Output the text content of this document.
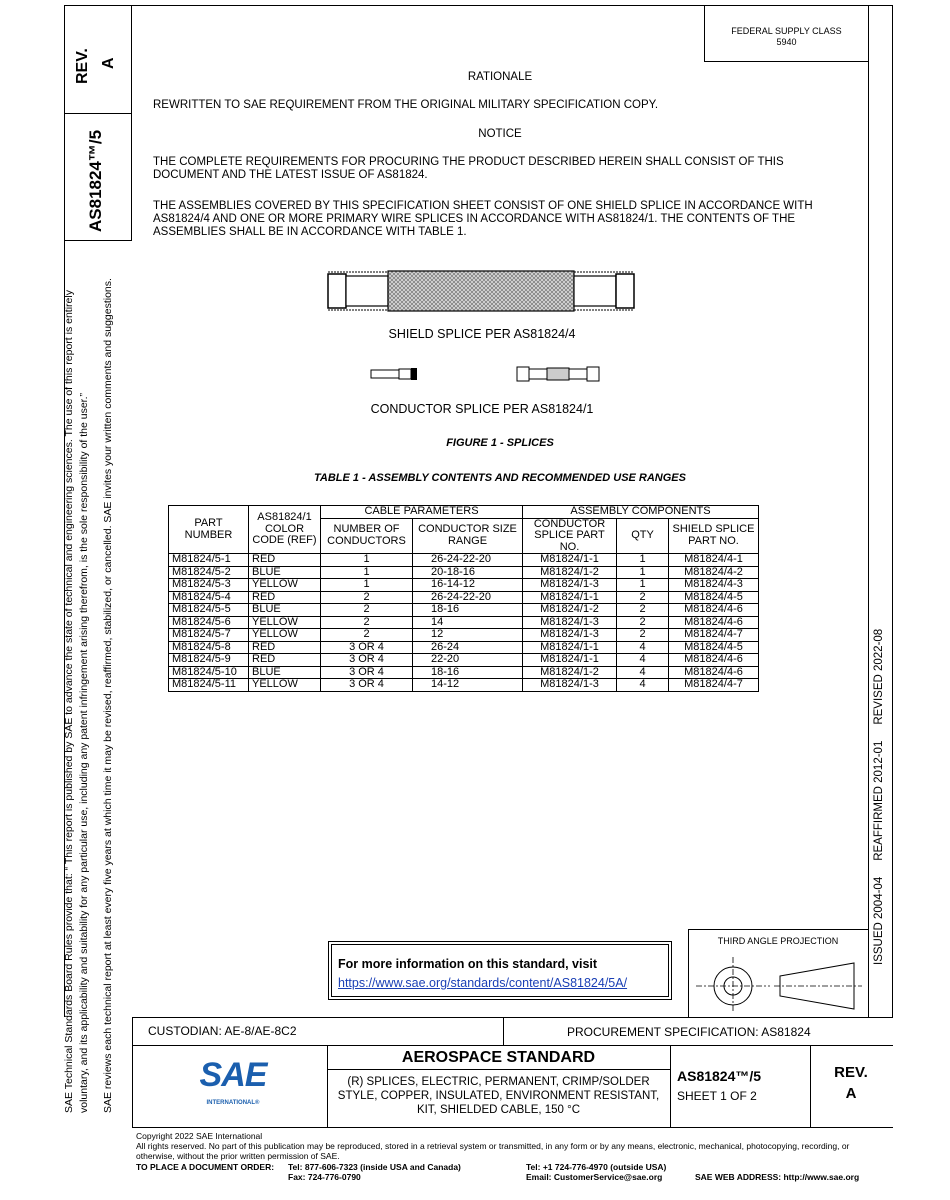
REV. A
AS81824™/5
SAE Technical Standards Board Rules provide that: “ This report is published by SAE to advance the state of technical and engineering sciences. The use of this report is entirely voluntary, and its applicability and suitability for any particular use, including any patent infringement arising therefrom, is the sole responsibility of the user.” SAE reviews each technical report at least every five years at which time it may be revised, reaffirmed, stabilized, or cancelled. SAE invites your written comments and suggestions.	ISSUED 2004-04     REAFFIRMED 2012-01     REVISED 2022-08
FEDERAL SUPPLY CLASS
5940
RATIONALE
REWRITTEN TO SAE REQUIREMENT FROM THE ORIGINAL MILITARY SPECIFICATION COPY.
NOTICE
THE COMPLETE REQUIREMENTS FOR PROCURING THE PRODUCT DESCRIBED HEREIN SHALL CONSIST OF THIS DOCUMENT AND THE LATEST ISSUE OF AS81824.
THE ASSEMBLIES COVERED BY THIS SPECIFICATION SHEET CONSIST OF ONE SHIELD SPLICE IN ACCORDANCE WITH AS81824/4 AND ONE OR MORE PRIMARY WIRE SPLICES IN ACCORDANCE WITH AS81824/1. THE CONTENTS OF THE ASSEMBLIES SHALL BE IN ACCORDANCE WITH TABLE 1.
SHIELD SPLICE PER AS81824/4
CONDUCTOR SPLICE PER AS81824/1
FIGURE 1 - SPLICES
TABLE 1 - ASSEMBLY CONTENTS AND RECOMMENDED USE RANGES
PART NUMBER	AS81824/1 COLOR CODE (REF)	CABLE PARAMETERS		ASSEMBLY COMPONENTS		
		NUMBER OF CONDUCTORS	CONDUCTOR SIZE RANGE	CONDUCTOR SPLICE PART NO.	QTY	SHIELD SPLICE PART NO.
M81824/5-1	RED	1	26-24-22-20	M81824/1-1	1	M81824/4-1
M81824/5-2	BLUE	1	20-18-16	M81824/1-2	1	M81824/4-2
M81824/5-3	YELLOW	1	16-14-12	M81824/1-3	1	M81824/4-3
M81824/5-4	RED	2	26-24-22-20	M81824/1-1	2	M81824/4-5
M81824/5-5	BLUE	2	18-16	M81824/1-2	2	M81824/4-6
M81824/5-6	YELLOW	2	14	M81824/1-3	2	M81824/4-6
M81824/5-7	YELLOW	2	12	M81824/1-3	2	M81824/4-7
M81824/5-8	RED	3 OR 4	26-24	M81824/1-1	4	M81824/4-5
M81824/5-9	RED	3 OR 4	22-20	M81824/1-1	4	M81824/4-6
M81824/5-10	BLUE	3 OR 4	18-16	M81824/1-2	4	M81824/4-6
M81824/5-11	YELLOW	3 OR 4	14-12	M81824/1-3	4	M81824/4-7
For more information on this standard, visit
https://www.sae.org/standards/content/AS81824/5A/
THIRD ANGLE PROJECTION
CUSTODIAN: AE-8/AE-8C2	PROCUREMENT SPECIFICATION: AS81824
SAE
INTERNATIONAL®
AEROSPACE STANDARD
(R) SPLICES, ELECTRIC, PERMANENT, CRIMP/SOLDER STYLE, COPPER, INSULATED, ENVIRONMENT RESISTANT, KIT, SHIELDED CABLE, 150 °C
AS81824™/5
SHEET 1 OF 2
REV.
A
Copyright 2022 SAE International
All rights reserved. No part of this publication may be reproduced, stored in a retrieval system or transmitted, in any form or by any means, electronic, mechanical, photocopying, recording, or otherwise, without the prior written permission of SAE.
TO PLACE A DOCUMENT ORDER: Tel: 877-606-7323 (inside USA and Canada)
Fax: 724-776-0790
Tel: +1 724-776-4970 (outside USA)
Email: CustomerService@sae.org	SAE WEB ADDRESS: http://www.sae.org
